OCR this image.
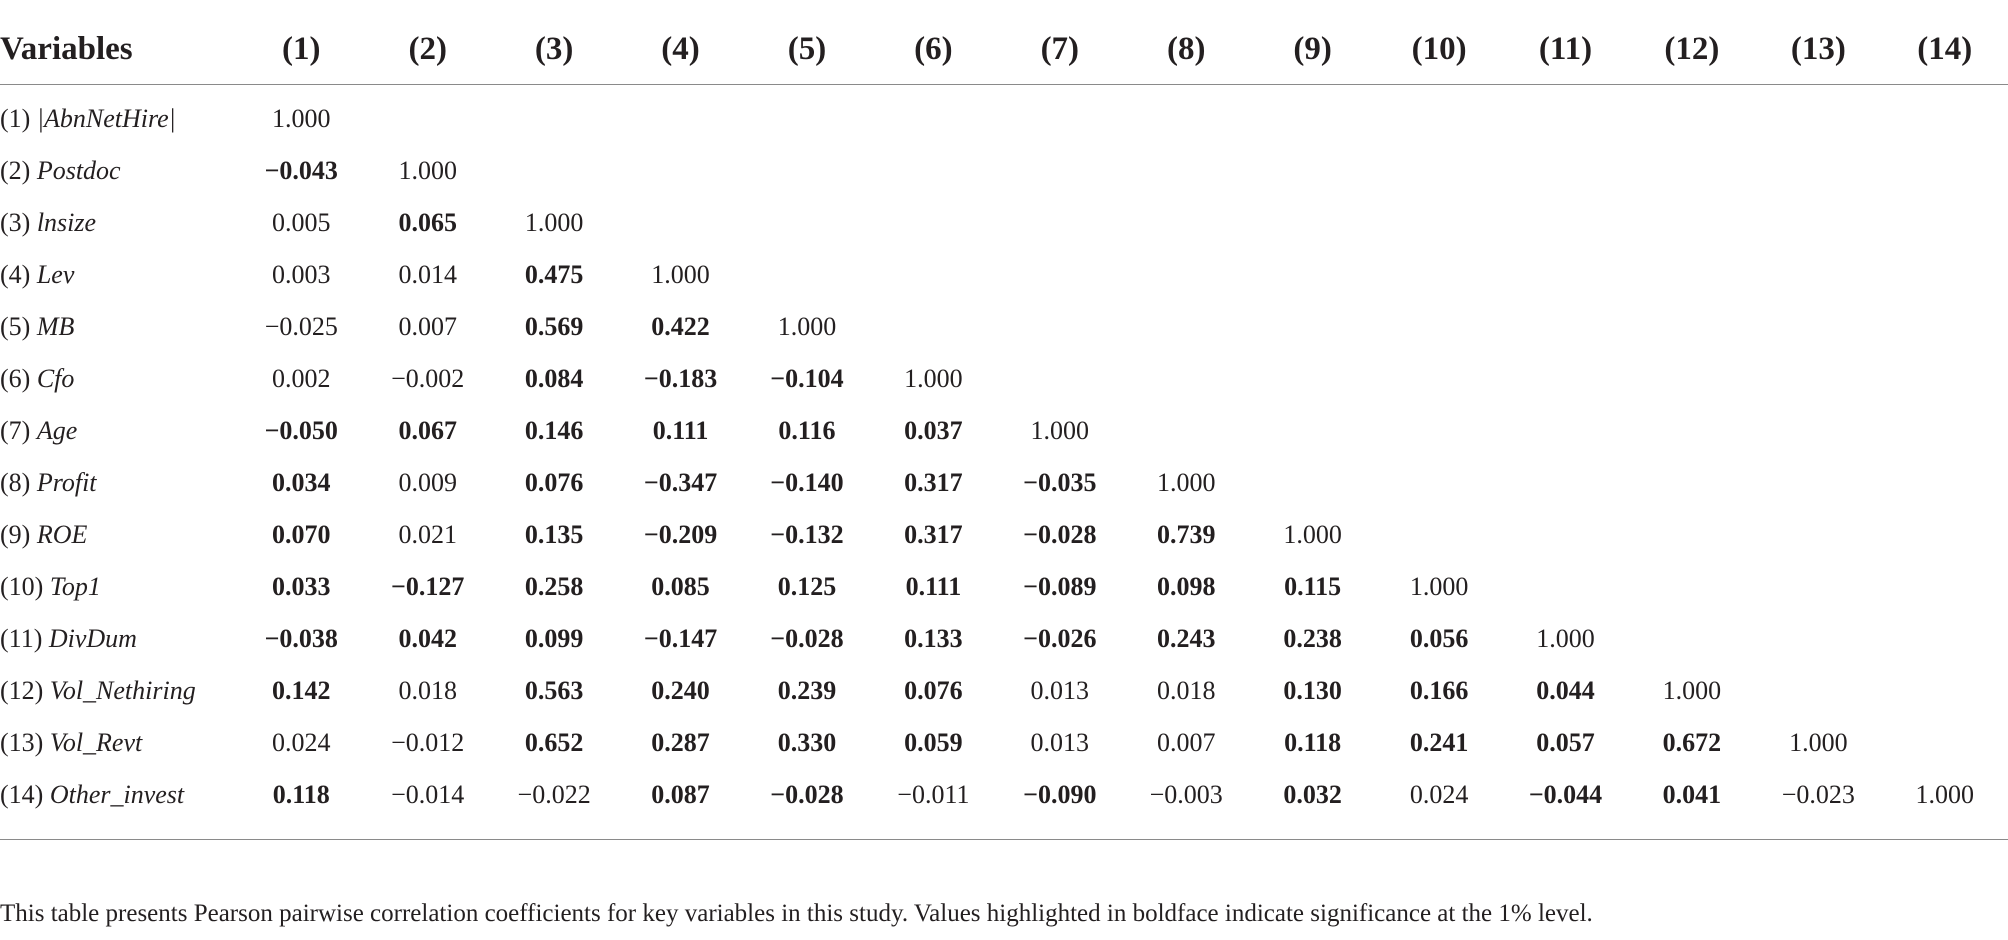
Variables	(1)	(2)	(3)	(4)	(5)	(6)	(7)	(8)	(9)	(10)	(11)	(12)	(13)	(14)
(1) |AbnNetHire|	1.000													
(2) Postdoc	−0.043	1.000												
(3) lnsize	0.005	0.065	1.000											
(4) Lev	0.003	0.014	0.475	1.000										
(5) MB	−0.025	0.007	0.569	0.422	1.000									
(6) Cfo	0.002	−0.002	0.084	−0.183	−0.104	1.000								
(7) Age	−0.050	0.067	0.146	0.111	0.116	0.037	1.000							
(8) Profit	0.034	0.009	0.076	−0.347	−0.140	0.317	−0.035	1.000						
(9) ROE	0.070	0.021	0.135	−0.209	−0.132	0.317	−0.028	0.739	1.000					
(10) Top1	0.033	−0.127	0.258	0.085	0.125	0.111	−0.089	0.098	0.115	1.000				
(11) DivDum	−0.038	0.042	0.099	−0.147	−0.028	0.133	−0.026	0.243	0.238	0.056	1.000			
(12) Vol_Nethiring	0.142	0.018	0.563	0.240	0.239	0.076	0.013	0.018	0.130	0.166	0.044	1.000		
(13) Vol_Revt	0.024	−0.012	0.652	0.287	0.330	0.059	0.013	0.007	0.118	0.241	0.057	0.672	1.000	
(14) Other_invest	0.118	−0.014	−0.022	0.087	−0.028	−0.011	−0.090	−0.003	0.032	0.024	−0.044	0.041	−0.023	1.000
This table presents Pearson pairwise correlation coefficients for key variables in this study. Values highlighted in boldface indicate significance at the 1% level.
